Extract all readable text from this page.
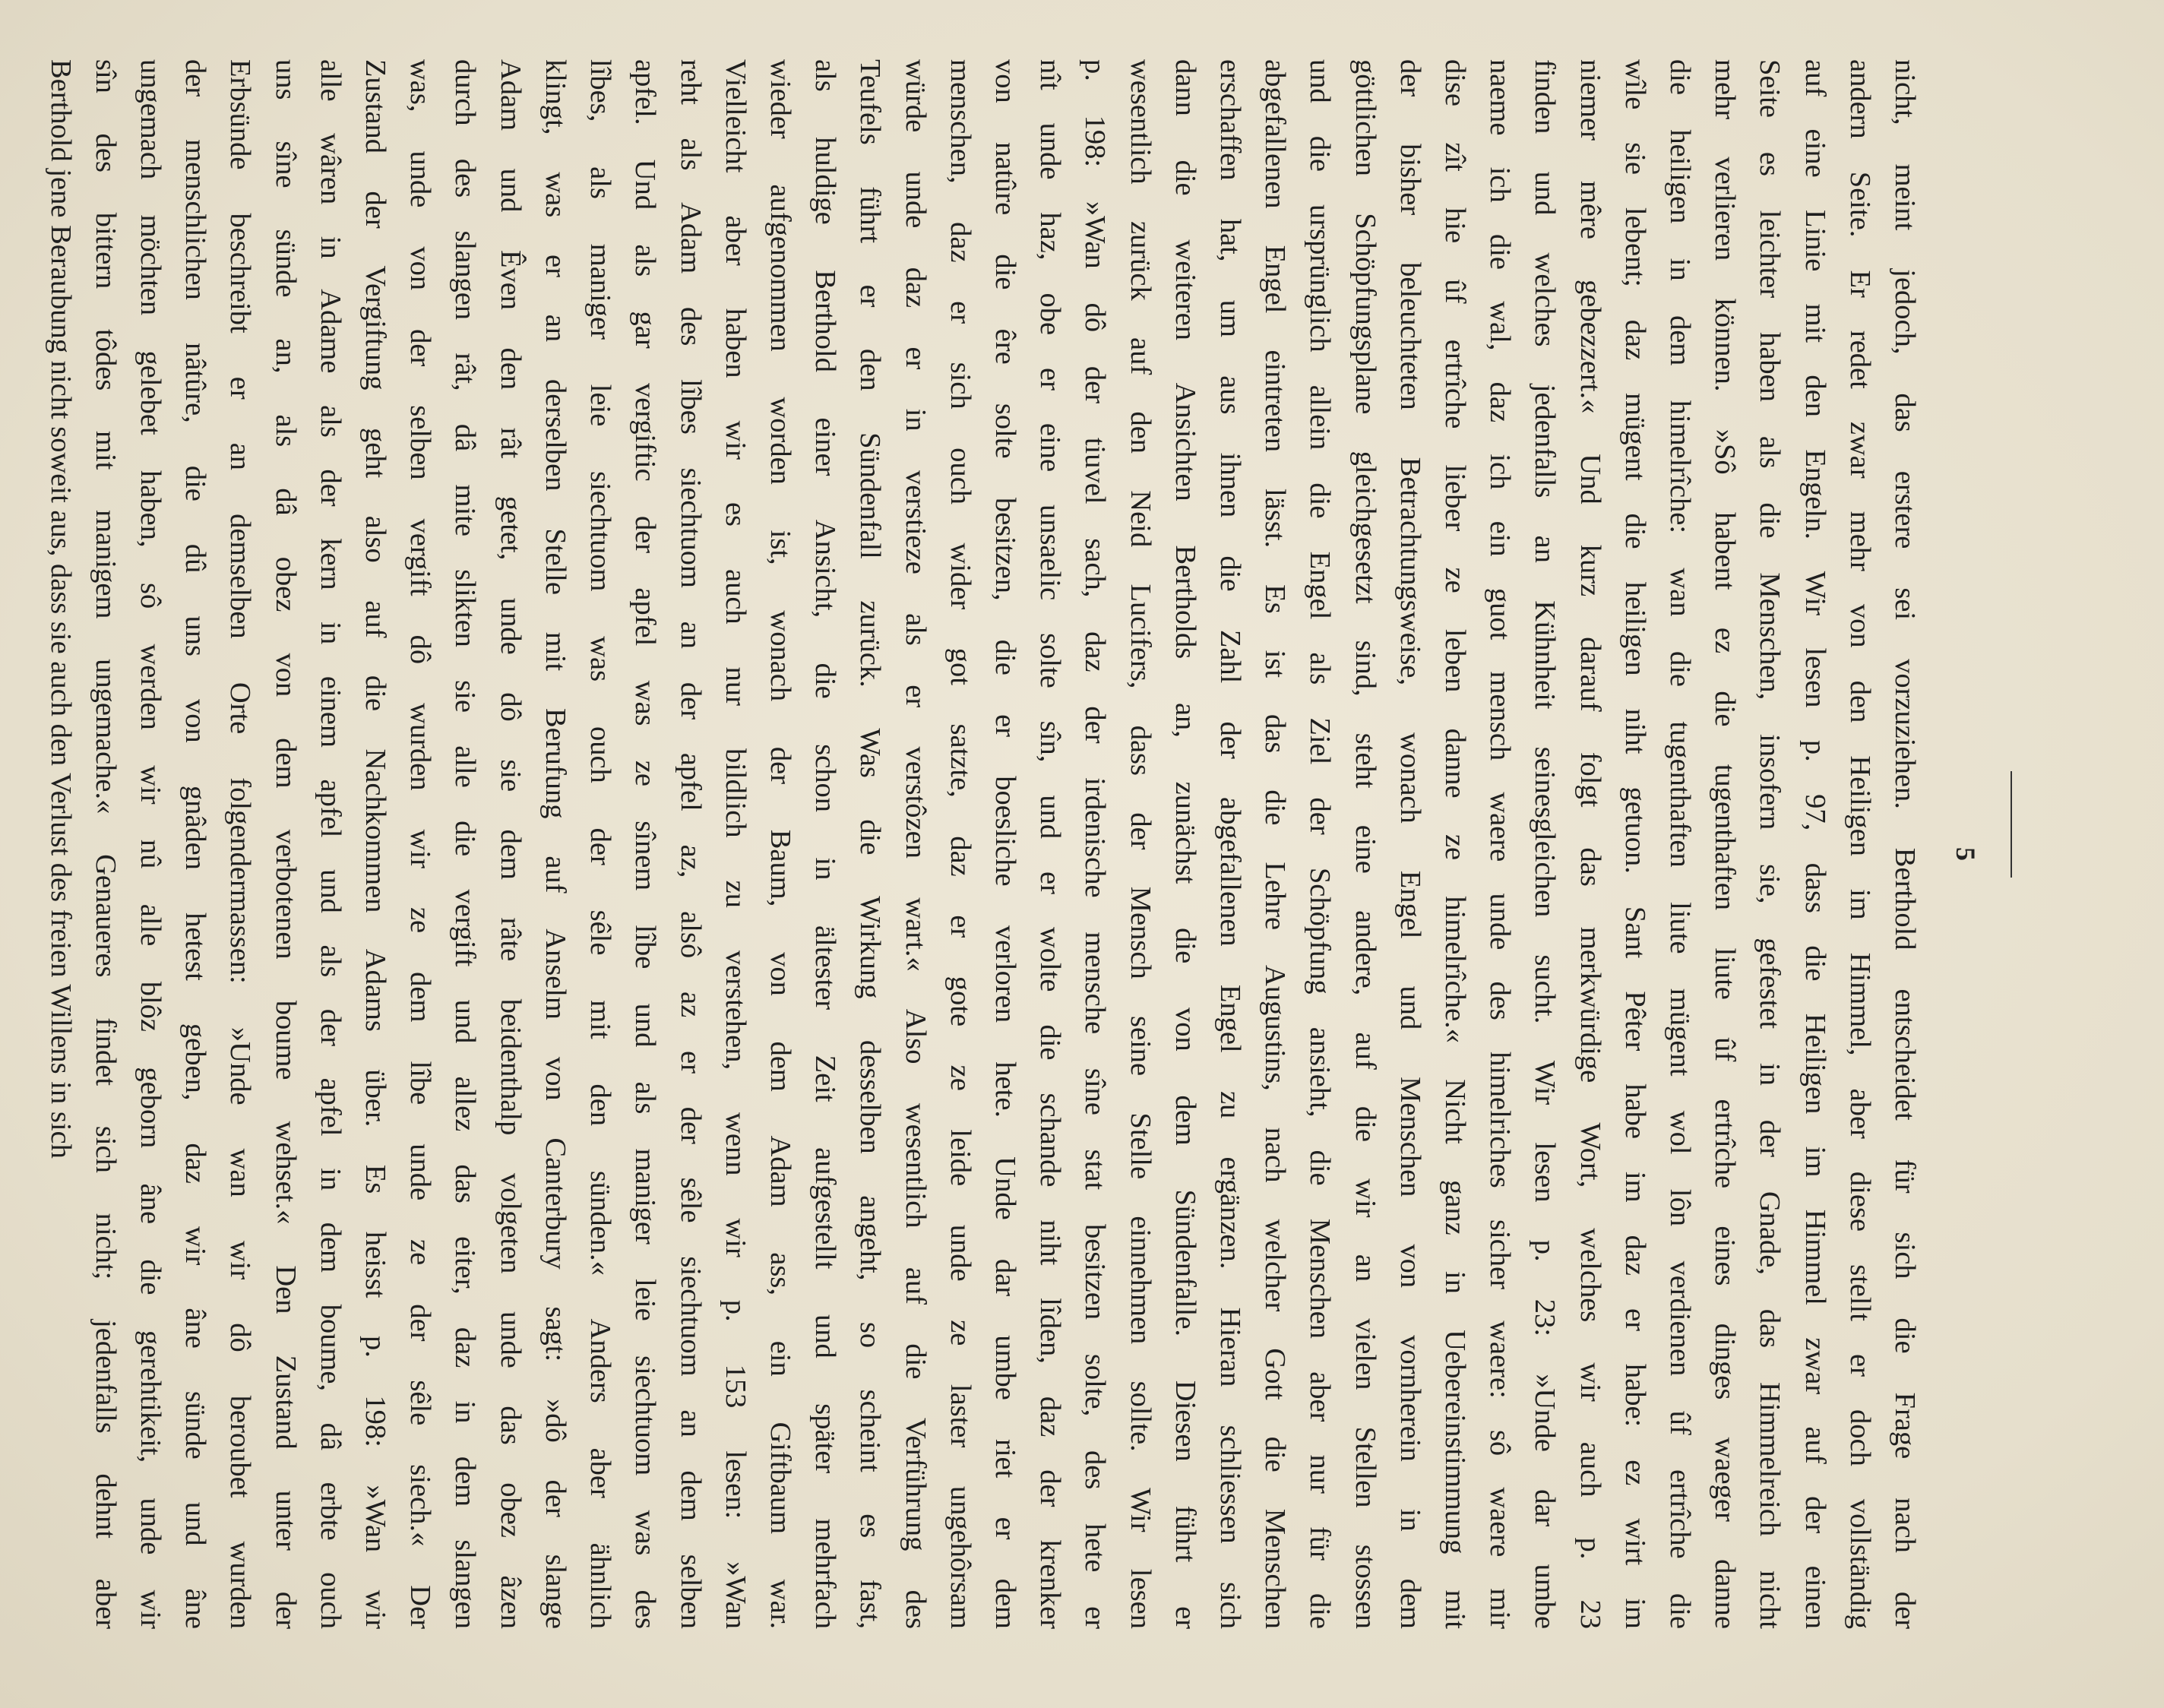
5
nicht, meint jedoch, das erstere sei vorzuziehen. Berthold entscheidet für sich die Frage nach der
andern Seite. Er redet zwar mehr von den Heiligen im Himmel, aber diese stellt er doch vollständig
auf eine Linie mit den Engeln. Wir lesen p. 97, dass die Heiligen im Himmel zwar auf der einen
Seite es leichter haben als die Menschen, insofern sie, gefestet in der Gnade, das Himmelreich nicht
mehr verlieren können. »Sô habent ez die tugenthaften liute ûf ertrîche eines dinges waeger danne
die heiligen in dem himelrîche: wan die tugenthaften liute mügent wol lôn verdienen ûf ertrîche die
wîle sie lebent; daz mügent die heiligen niht getuon. Sant Pêter habe im daz er habe: ez wirt im
niemer mêre gebezzert.« Und kurz darauf folgt das merkwürdige Wort, welches wir auch p. 23
finden und welches jedenfalls an Kühnheit seinesgleichen sucht. Wir lesen p. 23: »Unde dar umbe
naeme ich die wal, daz ich ein guot mensch waere unde des himelriches sicher waere: sô waere mir
dise zît hie ûf ertrîche lieber ze leben danne ze himelrîche.« Nicht ganz in Uebereinstimmung mit
der bisher beleuchteten Betrachtungsweise, wonach Engel und Menschen von vornherein in dem
göttlichen Schöpfungsplane gleichgesetzt sind, steht eine andere, auf die wir an vielen Stellen stossen
und die ursprünglich allein die Engel als Ziel der Schöpfung ansieht, die Menschen aber nur für die
abgefallenen Engel eintreten lässt. Es ist das die Lehre Augustins, nach welcher Gott die Menschen
erschaffen hat, um aus ihnen die Zahl der abgefallenen Engel zu ergänzen. Hieran schliessen sich
dann die weiteren Ansichten Bertholds an, zunächst die von dem Sündenfalle. Diesen führt er
wesentlich zurück auf den Neid Lucifers, dass der Mensch seine Stelle einnehmen sollte. Wir lesen
p. 198: »Wan dô der tiuvel sach, daz der irdenische mensche sîne stat besitzen solte, des hete er
nît unde haz, obe er eine unsaelic solte sîn, und er wolte die schande niht lîden, daz der krenker
von natûre die êre solte besitzen, die er boesliche verloren hete. Unde dar umbe riet er dem
menschen, daz er sich ouch wider got satzte, daz er gote ze leide unde ze laster ungehôrsam
würde unde daz er in verstieze als er verstôzen wart.« Also wesentlich auf die Verführung des
Teufels führt er den Sündenfall zurück. Was die Wirkung desselben angeht, so scheint es fast,
als huldige Berthold einer Ansicht, die schon in ältester Zeit aufgestellt und später mehrfach
wieder aufgenommen worden ist, wonach der Baum, von dem Adam ass, ein Giftbaum war.
Vielleicht aber haben wir es auch nur bildlich zu verstehen, wenn wir p. 153 lesen: »Wan
reht als Adam des lîbes siechtuom an der apfel az, alsô az er der sêle siechtuom an dem selben
apfel. Und als gar vergiftic der apfel was ze sînem lîbe und als maniger leie siechtuom was des
lîbes, als maniger leie siechtuom was ouch der sêle mit den sünden.« Anders aber ähnlich
klingt, was er an derselben Stelle mit Berufung auf Anselm von Canterbury sagt: »dô der slange
Adam und Êven den rât getet, unde dô sie dem râte beidenthalp volgeten unde das obez âzen
durch des slangen rât, dâ mite slikten sie alle die vergift und allez das eiter, daz in dem slangen
was, unde von der selben vergift dô wurden wir ze dem lîbe unde ze der sêle siech.« Der
Zustand der Vergiftung geht also auf die Nachkommen Adams über. Es heisst p. 198: »Wan wir
alle wâren in Adame als der kern in einem apfel und als der apfel in dem boume, dâ erbte ouch
uns sîne sünde an, als dâ obez von dem verbotenen boume wehset.« Den Zustand unter der
Erbsünde beschreibt er an demselben Orte folgendermassen: »Unde wan wir dô beroubet wurden
der menschlichen nâtûre, die dû uns von gnâden hetest geben, daz wir âne sünde und âne
ungemach möchten gelebet haben, sô werden wir nû alle blôz geborn âne die gerehtikeit, unde wir
sîn des bittern tôdes mit manigem ungemache.« Genaueres findet sich nicht; jedenfalls dehnt aber
Berthold jene Beraubung nicht soweit aus, dass sie auch den Verlust des freien Willens in sich
